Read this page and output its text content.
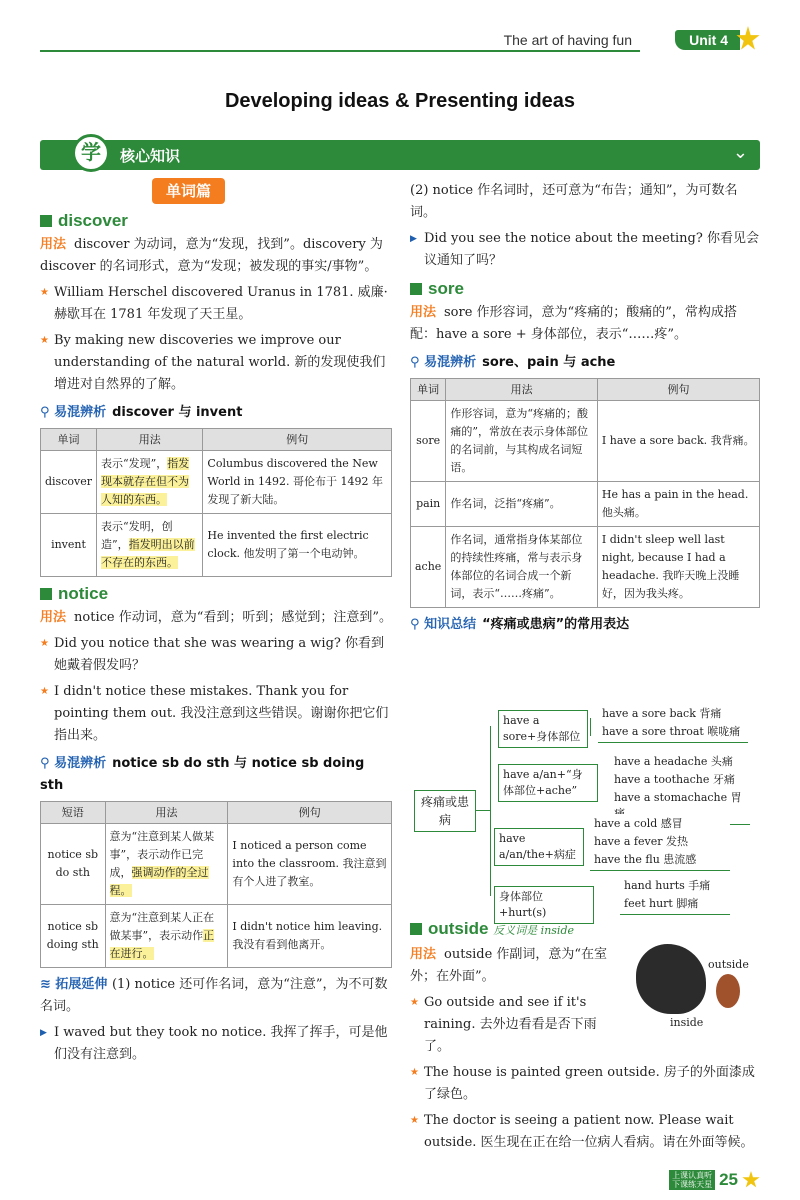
The art of having fun	Unit 4
Developing ideas & Presenting ideas
学	核心知识	⌄
单词篇
discover
用法 discover 为动词，意为“发现，找到”。discovery 为 discover 的名词形式，意为“发现；被发现的事实/事物”。
★ William Herschel discovered Uranus in 1781. 威廉·赫歇耳在 1781 年发现了天王星。
★ By making new discoveries we improve our understanding of the natural world. 新的发现使我们增进对自然界的了解。
⚲ 易混辨析 discover 与 invent
单词	用法	例句
discover	表示“发现”，指发现本就存在但不为人知的东西。	Columbus discovered the New World in 1492. 哥伦布于 1492 年发现了新大陆。
invent	表示“发明，创造”，指发明出以前不存在的东西。	He invented the first electric clock. 他发明了第一个电动钟。
notice
用法 notice 作动词，意为“看到；听到；感觉到；注意到”。
★ Did you notice that she was wearing a wig? 你看到她戴着假发吗？
★ I didn't notice these mistakes. Thank you for pointing them out. 我没注意到这些错误。谢谢你把它们指出来。
⚲ 易混辨析 notice sb do sth 与 notice sb doing sth
短语	用法	例句
notice sb do sth	意为“注意到某人做某事”，表示动作已完成，强调动作的全过程。	I noticed a person come into the classroom. 我注意到有个人进了教室。
notice sb doing sth	意为“注意到某人正在做某事”，表示动作正在进行。	I didn't notice him leaving. 我没有看到他离开。
≋ 拓展延伸 (1) notice 还可作名词，意为“注意”，为不可数名词。
▶ I waved but they took no notice. 我挥了挥手，可是他们没有注意到。
(2) notice 作名词时，还可意为“布告；通知”，为可数名词。
▶ Did you see the notice about the meeting? 你看见会议通知了吗？
sore
用法 sore 作形容词，意为“疼痛的；酸痛的”，常构成搭配：have a sore + 身体部位，表示“……疼”。
⚲ 易混辨析 sore、pain 与 ache
单词	用法	例句
sore	作形容词，意为“疼痛的；酸痛的”，常放在表示身体部位的名词前，与其构成名词短语。	I have a sore back. 我背痛。
pain	作名词，泛指“疼痛”。	He has a pain in the head. 他头痛。
ache	作名词，通常指身体某部位的持续性疼痛，常与表示身体部位的名词合成一个新词，表示“……疼痛”。	I didn't sleep well last night, because I had a headache. 我昨天晚上没睡好，因为我头疼。
⚲ 知识总结 “疼痛或患病”的常用表达
疼痛或患病
have a sore+身体部位
have a/an+“身体部位+ache”
have a/an/the+病症
身体部位+hurt(s)
have a sore back 背痛
have a sore throat 喉咙痛
have a headache 头痛
have a toothache 牙痛
have a stomachache 胃
have a cold 感冒
have a fever 发热
have the flu 患流感
hand hurts 手痛
feet hurt 脚痛
outside 反义词是 inside
用法 outside 作副词，意为“在室外；在外面”。
★ Go outside and see if it's raining. 去外边看看是否下雨了。
★ The house is painted green outside. 房子的外面漆成了绿色。
★ The doctor is seeing a patient now. Please wait outside. 医生现在正在给一位病人看病。请在外面等候。
outside
inside
上课认真听
下课练天星 25
